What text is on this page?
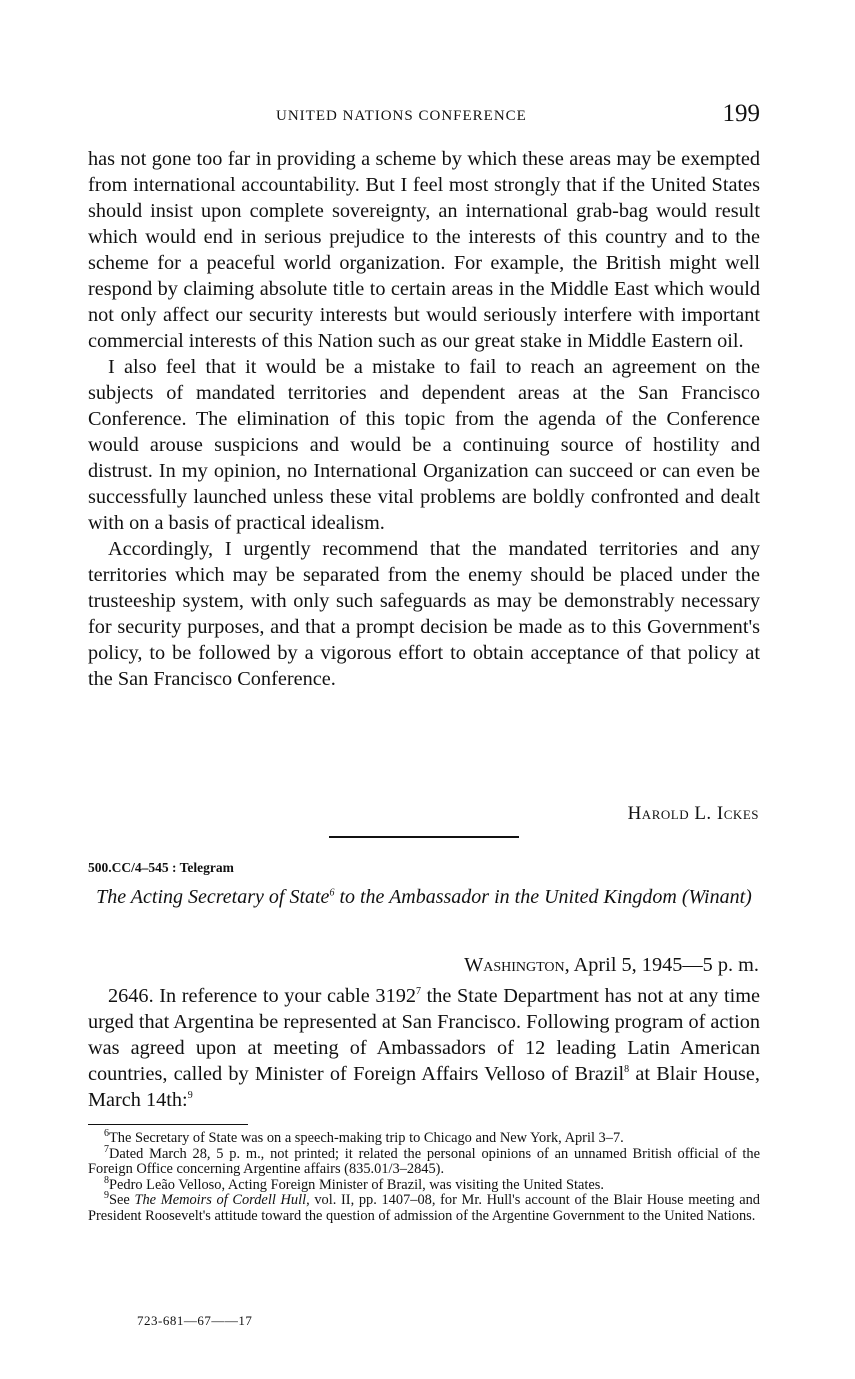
UNITED NATIONS CONFERENCE	199

has not gone too far in providing a scheme by which these areas may be exempted from international accountability. But I feel most strongly that if the United States should insist upon complete sovereignty, an international grab-bag would result which would end in serious prejudice to the interests of this country and to the scheme for a peaceful world organization. For example, the British might well respond by claiming absolute title to certain areas in the Middle East which would not only affect our security interests but would seriously interfere with important commercial interests of this Nation such as our great stake in Middle Eastern oil.

I also feel that it would be a mistake to fail to reach an agreement on the subjects of mandated territories and dependent areas at the San Francisco Conference. The elimination of this topic from the agenda of the Conference would arouse suspicions and would be a continuing source of hostility and distrust. In my opinion, no International Organization can succeed or can even be successfully launched unless these vital problems are boldly confronted and dealt with on a basis of practical idealism.

Accordingly, I urgently recommend that the mandated territories and any territories which may be separated from the enemy should be placed under the trusteeship system, with only such safeguards as may be demonstrably necessary for security purposes, and that a prompt decision be made as to this Government's policy, to be followed by a vigorous effort to obtain acceptance of that policy at the San Francisco Conference.

Harold L. Ickes
500.CC/4–545 : Telegram
The Acting Secretary of State$^6$ to the Ambassador in the United Kingdom (Winant)
Washington, April 5, 1945—5 p. m.

2646. In reference to your cable 3192$^7$ the State Department has not at any time urged that Argentina be represented at San Francisco. Following program of action was agreed upon at meeting of Ambassadors of 12 leading Latin American countries, called by Minister of Foreign Affairs Velloso of Brazil$^8$ at Blair House, March 14th:$^9$

$^6$The Secretary of State was on a speech-making trip to Chicago and New York, April 3–7.

$^7$Dated March 28, 5 p. m., not printed; it related the personal opinions of an unnamed British official of the Foreign Office concerning Argentine affairs (835.01/3–2845).

$^8$Pedro Leão Velloso, Acting Foreign Minister of Brazil, was visiting the United States.

$^9$See The Memoirs of Cordell Hull, vol. II, pp. 1407–08, for Mr. Hull's account of the Blair House meeting and President Roosevelt's attitude toward the question of admission of the Argentine Government to the United Nations.

723-681—67——17
